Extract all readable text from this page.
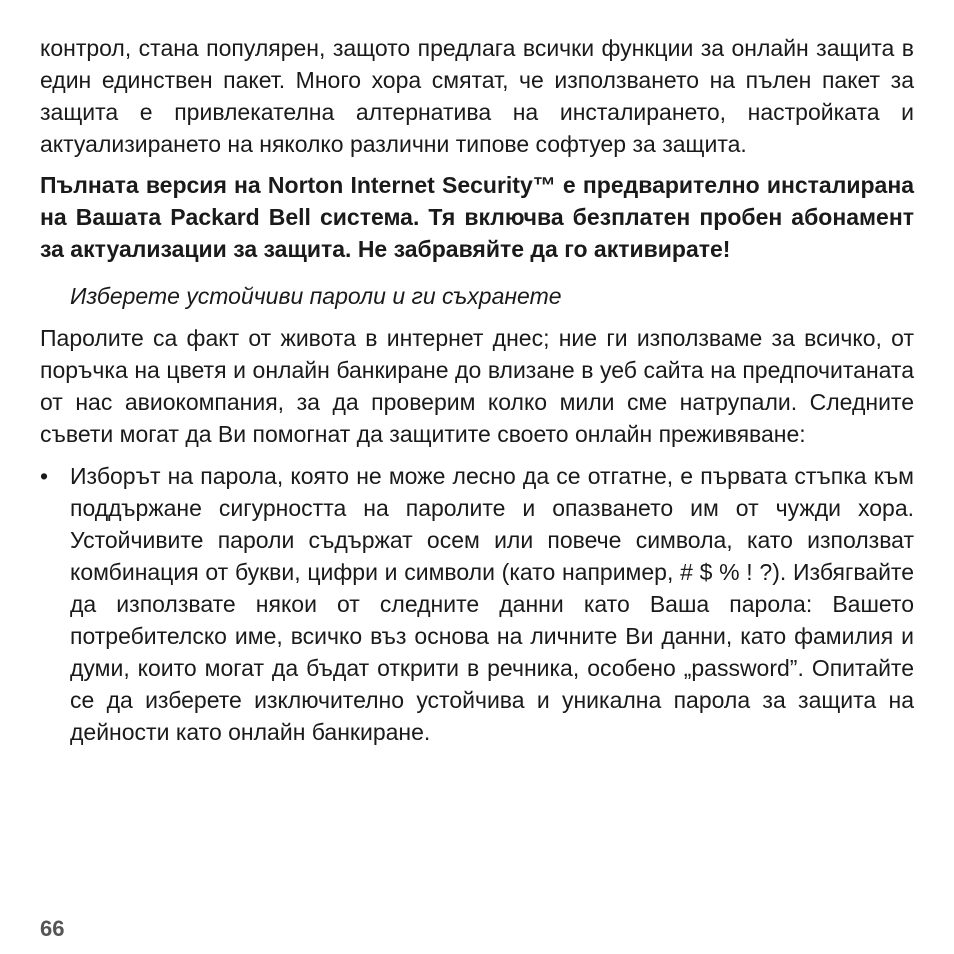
контрол, стана популярен, защото предлага всички функции за онлайн защита в един единствен пакет. Много хора смятат, че използването на пълен пакет за защита е привлекателна алтернатива на инсталирането, настройката и актуализирането на няколко различни типове софтуер за защита.

Пълната версия на Norton Internet Security™ е предварително инсталирана на Вашата Packard Bell система. Тя включва безплатен пробен абонамент за актуализации за защита. Не забравяйте да го активирате!

Изберете устойчиви пароли и ги съхранете

Паролите са факт от живота в интернет днес; ние ги използваме за всичко, от поръчка на цветя и онлайн банкиране до влизане в уеб сайта на предпочитаната от нас авиокомпания, за да проверим колко мили сме натрупали. Следните съвети могат да Ви помогнат да защитите своето онлайн преживяване:

• Изборът на парола, която не може лесно да се отгатне, е първата стъпка към поддържане сигурността на паролите и опазването им от чужди хора. Устойчивите пароли съдържат осем или повече символа, като използват комбинация от букви, цифри и символи (като например, # $ % ! ?). Избягвайте да използвате някои от следните данни като Ваша парола: Вашето потребителско име, всичко въз основа на личните Ви данни, като фамилия и думи, които могат да бъдат открити в речника, особено „password”. Опитайте се да изберете изключително устойчива и уникална парола за защита на дейности като онлайн банкиране.
66
